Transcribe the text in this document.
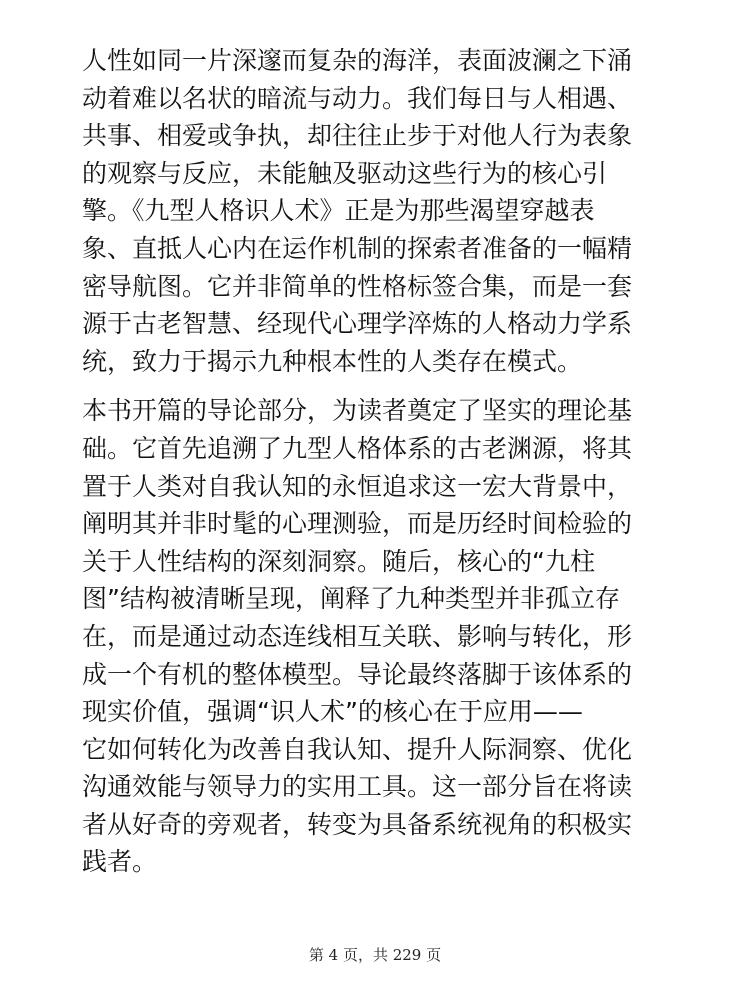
人性如同一片深邃而复杂的海洋，表面波澜之下涌
动着难以名状的暗流与动力。我们每日与人相遇、
共事、相爱或争执，却往往止步于对他人行为表象
的观察与反应，未能触及驱动这些行为的核心引
擎。《九型人格识人术》正是为那些渴望穿越表
象、直抵人心内在运作机制的探索者准备的一幅精
密导航图。它并非简单的性格标签合集，而是一套
源于古老智慧、经现代心理学淬炼的人格动力学系
统，致力于揭示九种根本性的人类存在模式。
本书开篇的导论部分，为读者奠定了坚实的理论基
础。它首先追溯了九型人格体系的古老渊源，将其
置于人类对自我认知的永恒追求这一宏大背景中，
阐明其并非时髦的心理测验，而是历经时间检验的
关于人性结构的深刻洞察。随后，核心的“九柱
图”结构被清晰呈现，阐释了九种类型并非孤立存
在，而是通过动态连线相互关联、影响与转化，形
成一个有机的整体模型。导论最终落脚于该体系的
现实价值，强调“识人术”的核心在于应用——
它如何转化为改善自我认知、提升人际洞察、优化
沟通效能与领导力的实用工具。这一部分旨在将读
者从好奇的旁观者，转变为具备系统视角的积极实
践者。
第 4 页，共 229 页
